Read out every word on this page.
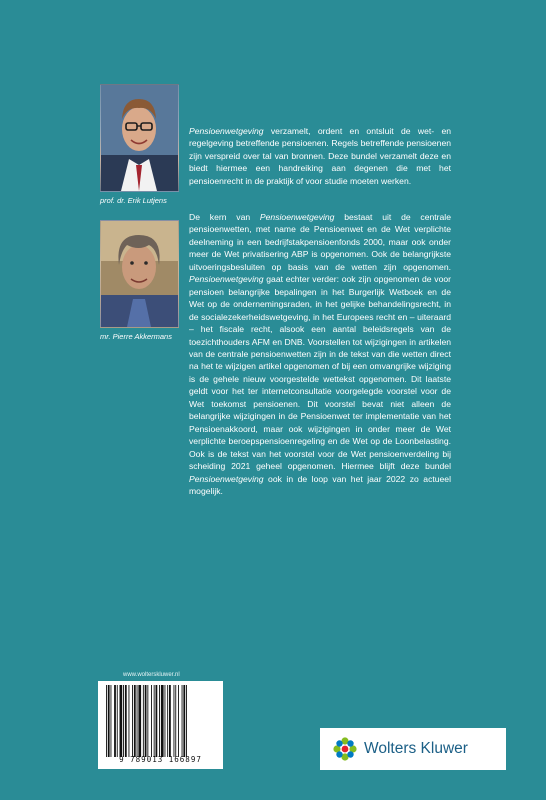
prof. dr. Erik Lutjens
mr. Pierre Akkermans
Pensioenwetgeving verzamelt, ordent en ontsluit de wet- en regelgeving betreffende pensioenen. Regels betreffende pensioenen zijn verspreid over tal van bronnen. Deze bundel verzamelt deze en biedt hiermee een handreiking aan degenen die met het pensioenrecht in de praktijk of voor studie moeten werken.
De kern van Pensioenwetgeving bestaat uit de centrale pensioenwetten, met name de Pensioenwet en de Wet verplichte deelneming in een bedrijfstakpensioenfonds 2000, maar ook onder meer de Wet privatisering ABP is opgenomen. Ook de belangrijkste uitvoeringsbesluiten op basis van de wetten zijn opgenomen. Pensioenwetgeving gaat echter verder: ook zijn opgenomen de voor pensioen belangrijke bepalingen in het Burgerlijk Wetboek en de Wet op de ondernemingsraden, in het gelijke behandelingsrecht, in de socialezekerheidswetgeving, in het Europees recht en – uiteraard – het fiscale recht, alsook een aantal beleidsregels van de toezichthouders AFM en DNB. Voorstellen tot wijzigingen in artikelen van de centrale pensioenwetten zijn in de tekst van die wetten direct na het te wijzigen artikel opgenomen of bij een omvangrijke wijziging is de gehele nieuw voorgestelde wettekst opgenomen. Dit laatste geldt voor het ter internetconsultatie voorgelegde voorstel voor de Wet toekomst pensioenen. Dit voorstel bevat niet alleen de belangrijke wijzigingen in de Pensioenwet ter implementatie van het Pensioenakkoord, maar ook wijzigingen in onder meer de Wet verplichte beroepspensioenregeling en de Wet op de Loonbelasting. Ook is de tekst van het voorstel voor de Wet pensioenverdeling bij scheiding 2021 geheel opgenomen. Hiermee blijft deze bundel Pensioenwetgeving ook in de loop van het jaar 2022 zo actueel mogelijk.
www.wolterskluwer.nl
9 789013 166897
Wolters Kluwer
